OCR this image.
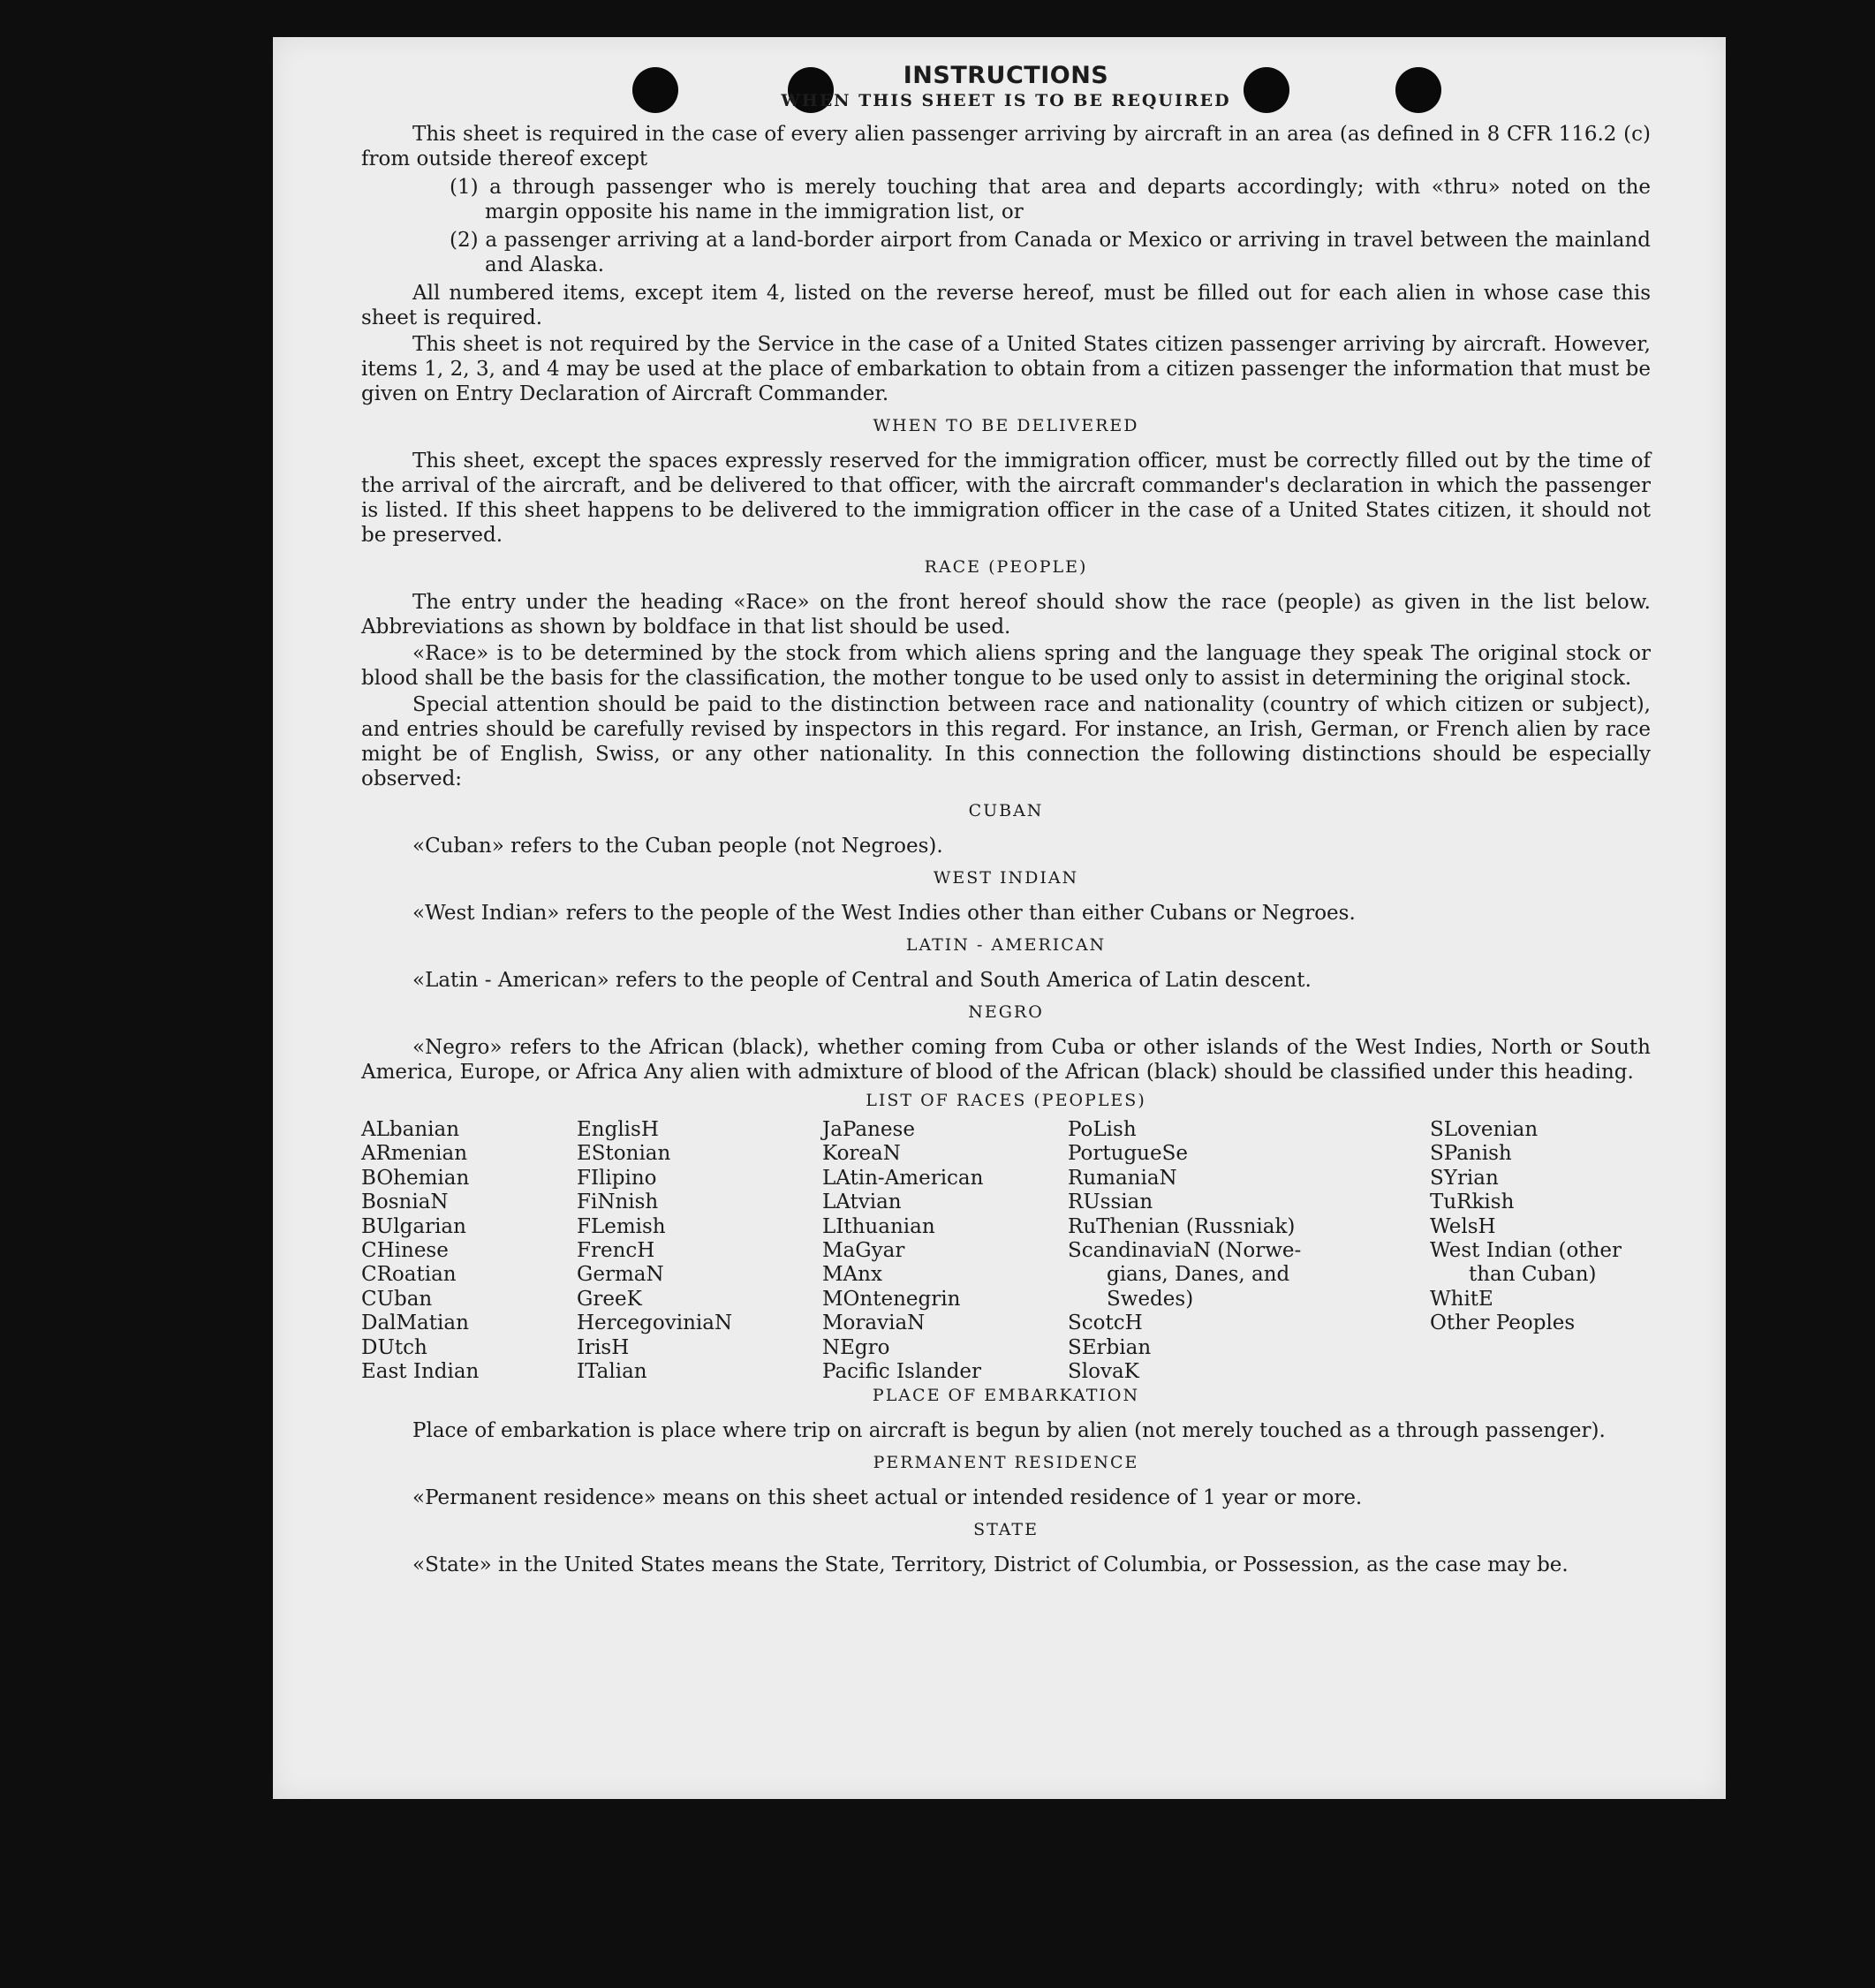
INSTRUCTIONS
WHEN THIS SHEET IS TO BE REQUIRED

This sheet is required in the case of every alien passenger arriving by aircraft in an area (as defined in 8 CFR 116.2 (c) from outside thereof except

(1) a through passenger who is merely touching that area and departs accordingly; with «thru» noted on the margin opposite his name in the immigration list, or
(2) a passenger arriving at a land-border airport from Canada or Mexico or arriving in travel between the mainland and Alaska.

All numbered items, except item 4, listed on the reverse hereof, must be filled out for each alien in whose case this sheet is required.

This sheet is not required by the Service in the case of a United States citizen passenger arriving by aircraft. However, items 1, 2, 3, and 4 may be used at the place of embarkation to obtain from a citizen passenger the information that must be given on Entry Declaration of Aircraft Commander.

WHEN TO BE DELIVERED

This sheet, except the spaces expressly reserved for the immigration officer, must be correctly filled out by the time of the arrival of the aircraft, and be delivered to that officer, with the aircraft commander's declaration in which the passenger is listed. If this sheet happens to be delivered to the immigration officer in the case of a United States citizen, it should not be preserved.

RACE (PEOPLE)

The entry under the heading «Race» on the front hereof should show the race (people) as given in the list below. Abbreviations as shown by boldface in that list should be used.

«Race» is to be determined by the stock from which aliens spring and the language they speak The original stock or blood shall be the basis for the classification, the mother tongue to be used only to assist in determining the original stock.

Special attention should be paid to the distinction between race and nationality (country of which citizen or subject), and entries should be carefully revised by inspectors in this regard. For instance, an Irish, German, or French alien by race might be of English, Swiss, or any other nationality. In this connection the following distinctions should be especially observed:

CUBAN

«Cuban» refers to the Cuban people (not Negroes).

WEST INDIAN

«West Indian» refers to the people of the West Indies other than either Cubans or Negroes.

LATIN - AMERICAN

«Latin - American» refers to the people of Central and South America of Latin descent.

NEGRO

«Negro» refers to the African (black), whether coming from Cuba or other islands of the West Indies, North or South America, Europe, or Africa Any alien with admixture of blood of the African (black) should be classified under this heading.

LIST OF RACES (PEOPLES)
ALbanian
ARmenian
BOhemian
BosniaN
BUlgarian
CHinese
CRoatian
CUban
DalMatian
DUtch
East Indian
EnglisH
EStonian
FIlipino
FiNnish
FLemish
FrencH
GermaN
GreeK
HercegoviniaN
IrisH
ITalian
JaPanese
KoreaN
LAtin-American
LAtvian
LIthuanian
MaGyar
MAnx
MOntenegrin
MoraviaN
NEgro
Pacific Islander
PoLish
PortugueSe
RumaniaN
RUssian
RuThenian (Russniak)
ScandinaviaN (Norwe-
gians, Danes, and
Swedes)
ScotcH
SErbian
SlovaK
SLovenian
SPanish
SYrian
TuRkish
WelsH
West Indian (other
than Cuban)
WhitE
Other Peoples
PLACE OF EMBARKATION

Place of embarkation is place where trip on aircraft is begun by alien (not merely touched as a through passenger).

PERMANENT RESIDENCE

«Permanent residence» means on this sheet actual or intended residence of 1 year or more.

STATE

«State» in the United States means the State, Territory, District of Columbia, or Possession, as the case may be.
